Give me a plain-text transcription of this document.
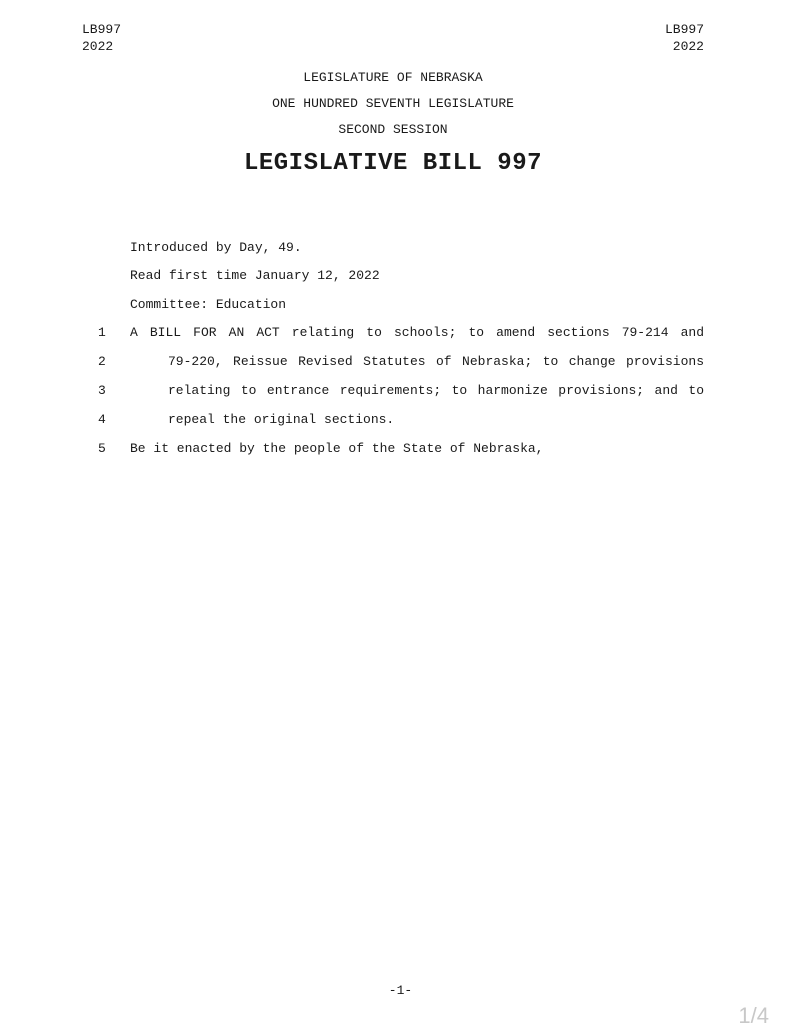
LB997
2022
LB997
2022
LEGISLATURE OF NEBRASKA
ONE HUNDRED SEVENTH LEGISLATURE
SECOND SESSION
LEGISLATIVE BILL 997
Introduced by Day, 49.
Read first time January 12, 2022
Committee: Education
1 A BILL FOR AN ACT relating to schools; to amend sections 79-214 and
2	79-220, Reissue Revised Statutes of Nebraska; to change provisions
3	relating to entrance requirements; to harmonize provisions; and to
4	repeal the original sections.
5 Be it enacted by the people of the State of Nebraska,
-1-
1/4
